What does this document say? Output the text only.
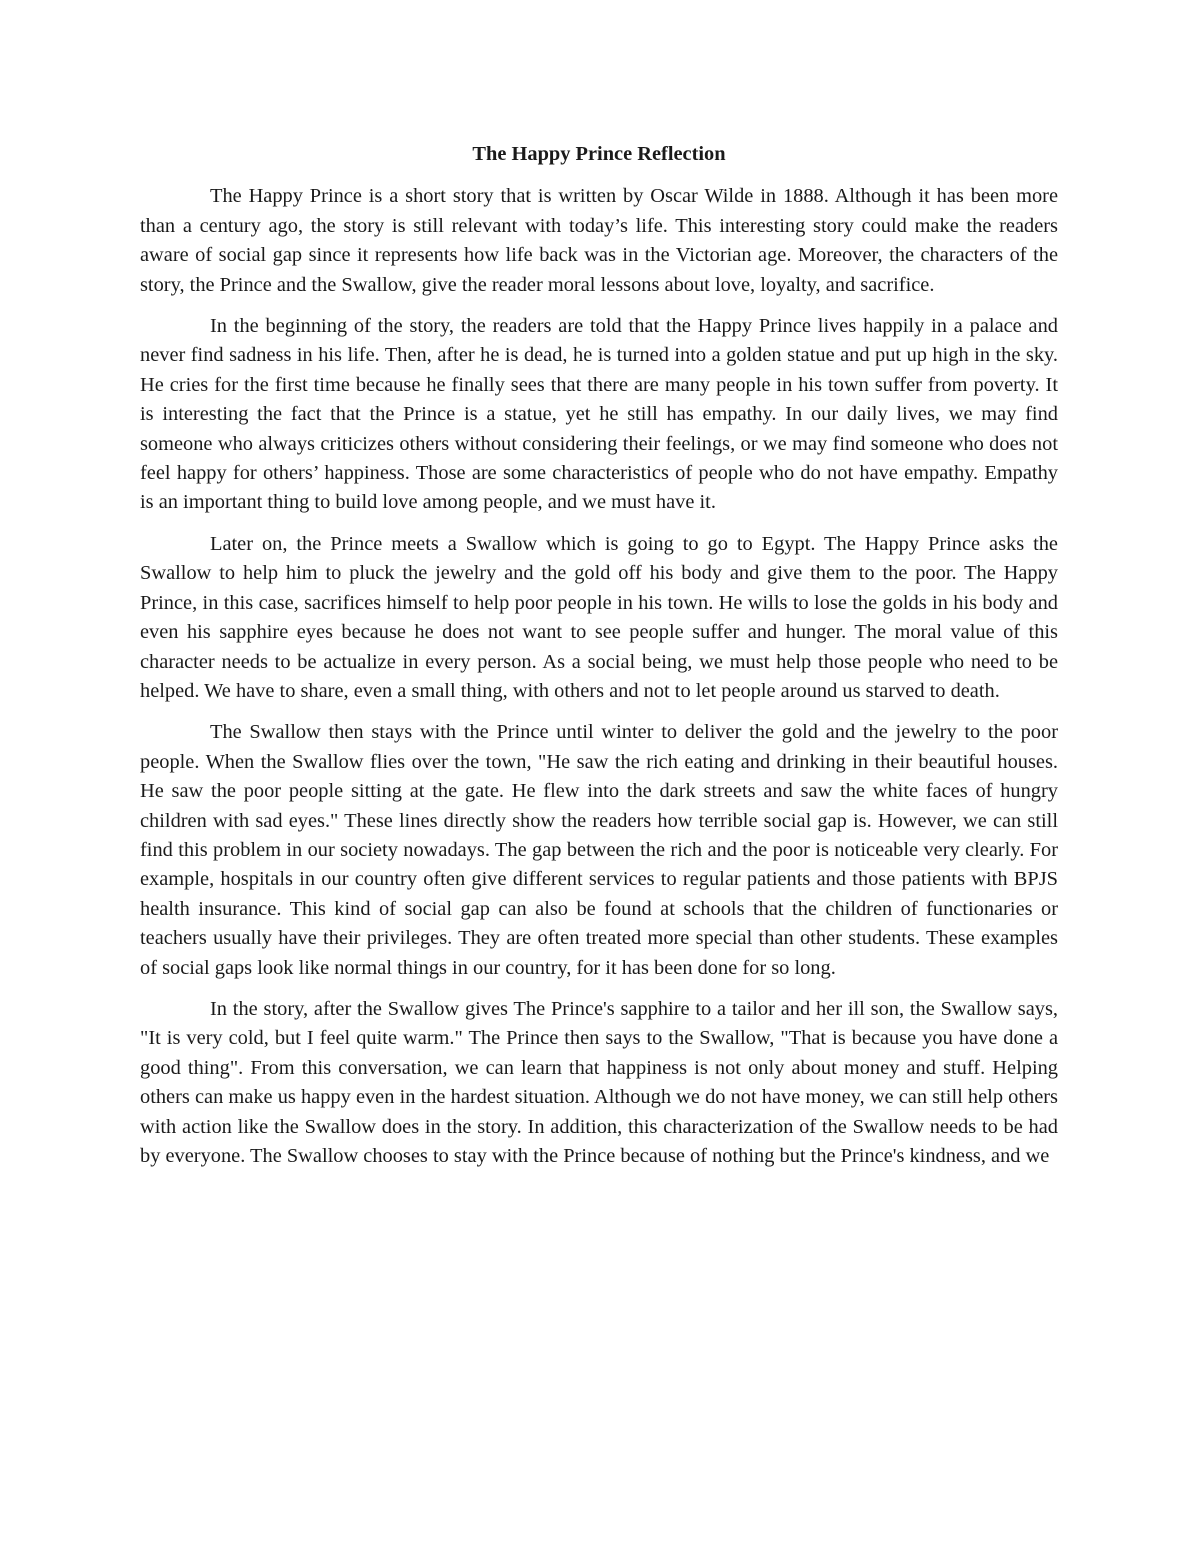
The Happy Prince Reflection

The Happy Prince is a short story that is written by Oscar Wilde in 1888. Although it has been more than a century ago, the story is still relevant with today’s life. This interesting story could make the readers aware of social gap since it represents how life back was in the Victorian age. Moreover, the characters of the story, the Prince and the Swallow, give the reader moral lessons about love, loyalty, and sacrifice.

In the beginning of the story, the readers are told that the Happy Prince lives happily in a palace and never find sadness in his life. Then, after he is dead, he is turned into a golden statue and put up high in the sky. He cries for the first time because he finally sees that there are many people in his town suffer from poverty. It is interesting the fact that the Prince is a statue, yet he still has empathy. In our daily lives, we may find someone who always criticizes others without considering their feelings, or we may find someone who does not feel happy for others’ happiness. Those are some characteristics of people who do not have empathy. Empathy is an important thing to build love among people, and we must have it.

Later on, the Prince meets a Swallow which is going to go to Egypt. The Happy Prince asks the Swallow to help him to pluck the jewelry and the gold off his body and give them to the poor. The Happy Prince, in this case, sacrifices himself to help poor people in his town. He wills to lose the golds in his body and even his sapphire eyes because he does not want to see people suffer and hunger. The moral value of this character needs to be actualize in every person. As a social being, we must help those people who need to be helped. We have to share, even a small thing, with others and not to let people around us starved to death.

The Swallow then stays with the Prince until winter to deliver the gold and the jewelry to the poor people. When the Swallow flies over the town, "He saw the rich eating and drinking in their beautiful houses. He saw the poor people sitting at the gate. He flew into the dark streets and saw the white faces of hungry children with sad eyes." These lines directly show the readers how terrible social gap is. However, we can still find this problem in our society nowadays. The gap between the rich and the poor is noticeable very clearly. For example, hospitals in our country often give different services to regular patients and those patients with BPJS health insurance. This kind of social gap can also be found at schools that the children of functionaries or teachers usually have their privileges. They are often treated more special than other students. These examples of social gaps look like normal things in our country, for it has been done for so long.

In the story, after the Swallow gives The Prince's sapphire to a tailor and her ill son, the Swallow says, "It is very cold, but I feel quite warm." The Prince then says to the Swallow, "That is because you have done a good thing". From this conversation, we can learn that happiness is not only about money and stuff. Helping others can make us happy even in the hardest situation. Although we do not have money, we can still help others with action like the Swallow does in the story. In addition, this characterization of the Swallow needs to be had by everyone. The Swallow chooses to stay with the Prince because of nothing but the Prince's kindness, and we
